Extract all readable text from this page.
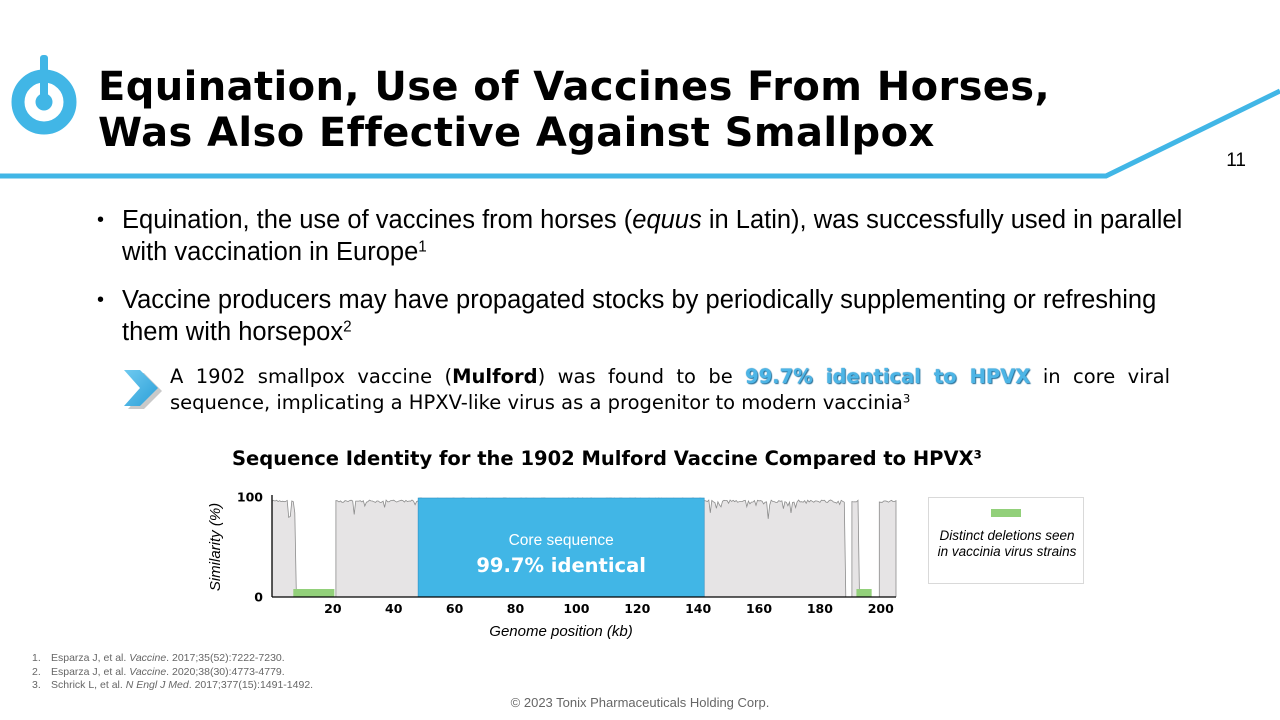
Equination, Use of Vaccines From Horses,
Was Also Effective Against Smallpox
11
• Equination, the use of vaccines from horses (equus in Latin), was successfully used in parallel with vaccination in Europe$^1$
• Vaccine producers may have propagated stocks by periodically supplementing or refreshing them with horsepox$^2$
A 1902 smallpox vaccine (Mulford) was found to be 99.7% identical to HPVX in core viral sequence, implicating a HPXV-like virus as a progenitor to modern vaccinia$^3$
Sequence Identity for the 1902 Mulford Vaccine Compared to HPVX$^3$
Core sequence
99.7% identical
20	40	60	80	100	120	140	160	180	200
0
100
Genome position (kb)
Similarity (%)	Distinct deletions seen in vaccinia virus strains
1. Esparza J, et al. Vaccine. 2017;35(52):7222-7230.
2. Esparza J, et al. Vaccine. 2020;38(30):4773-4779.
3. Schrick L, et al. N Engl J Med. 2017;377(15):1491-1492.
© 2023 Tonix Pharmaceuticals Holding Corp.
